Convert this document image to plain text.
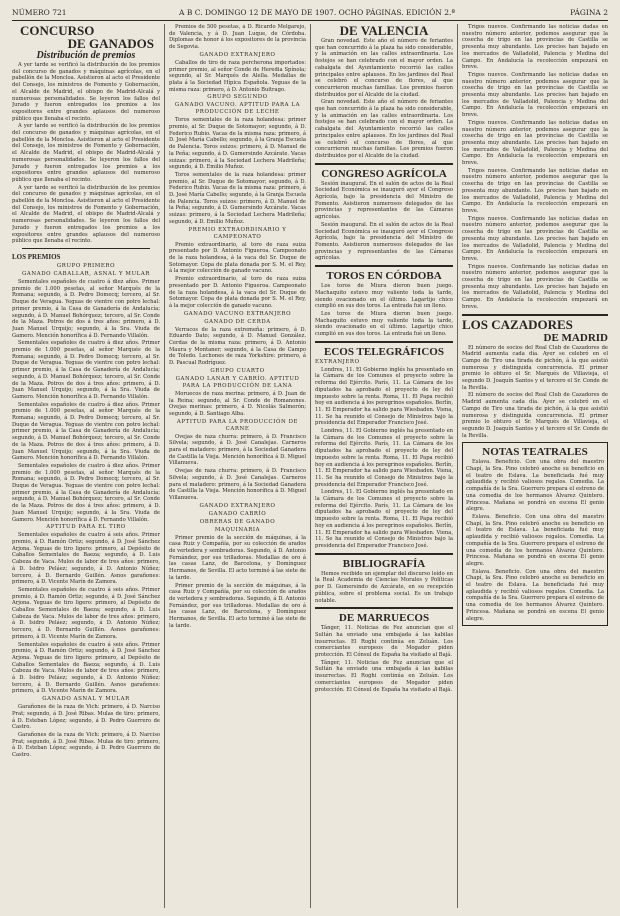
NÚMERO 721	A B C. DOMINGO 12 DE MAYO DE 1907. OCHO PÁGINAS. EDICIÓN 2.ª	PÁGINA 2
CONCURSO
DE GANADOS
Distribución de premios

A yer tarde se verificó la distribución de los premios del concurso de ganados y máquinas agrícolas, en el pabellón de la Moncloa. Asistieron al acto el Presidente del Consejo, los ministros de Fomento y Gobernación, el Alcalde de Madrid, el obispo de Madrid-Alcalá y numerosas personalidades. Se leyeron los fallos del Jurado y fueron entregados los premios a los expositores entre grandes aplausos del numeroso público que llenaba el recinto.

A yer tarde se verificó la distribución de los premios del concurso de ganados y máquinas agrícolas, en el pabellón de la Moncloa. Asistieron al acto el Presidente del Consejo, los ministros de Fomento y Gobernación, el Alcalde de Madrid, el obispo de Madrid-Alcalá y numerosas personalidades. Se leyeron los fallos del Jurado y fueron entregados los premios a los expositores entre grandes aplausos del numeroso público que llenaba el recinto.

A yer tarde se verificó la distribución de los premios del concurso de ganados y máquinas agrícolas, en el pabellón de la Moncloa. Asistieron al acto el Presidente del Consejo, los ministros de Fomento y Gobernación, el Alcalde de Madrid, el obispo de Madrid-Alcalá y numerosas personalidades. Se leyeron los fallos del Jurado y fueron entregados los premios a los expositores entre grandes aplausos del numeroso público que llenaba el recinto.

LOS PREMIOS
GRUPO PRIMERO
GANADO CABALLAR, ASNAL Y MULAR

Sementales españoles de cuatro á diez años. Primer premio de 1.000 pesetas, al señor Marqués de la Romana; segundo, á D. Pedro Domecq; tercero, al Sr. Duque de Veragua. Yeguas de vientre con potro lechal: primer premio, á la Casa de Ganadería de Andalucía; segundo, á D. Manuel Bohórquez; tercero, al Sr. Conde de la Maza. Potros de dos á tres años: primero, á D. Juan Manuel Urquijo; segundo, á la Sra. Viuda de Gamero. Mención honorífica á D. Fernando Villalón.

Sementales españoles de cuatro á diez años. Primer premio de 1.000 pesetas, al señor Marqués de la Romana; segundo, á D. Pedro Domecq; tercero, al Sr. Duque de Veragua. Yeguas de vientre con potro lechal: primer premio, á la Casa de Ganadería de Andalucía; segundo, á D. Manuel Bohórquez; tercero, al Sr. Conde de la Maza. Potros de dos á tres años: primero, á D. Juan Manuel Urquijo; segundo, á la Sra. Viuda de Gamero. Mención honorífica á D. Fernando Villalón.

Sementales españoles de cuatro á diez años. Primer premio de 1.000 pesetas, al señor Marqués de la Romana; segundo, á D. Pedro Domecq; tercero, al Sr. Duque de Veragua. Yeguas de vientre con potro lechal: primer premio, á la Casa de Ganadería de Andalucía; segundo, á D. Manuel Bohórquez; tercero, al Sr. Conde de la Maza. Potros de dos á tres años: primero, á D. Juan Manuel Urquijo; segundo, á la Sra. Viuda de Gamero. Mención honorífica á D. Fernando Villalón.

Sementales españoles de cuatro á diez años. Primer premio de 1.000 pesetas, al señor Marqués de la Romana; segundo, á D. Pedro Domecq; tercero, al Sr. Duque de Veragua. Yeguas de vientre con potro lechal: primer premio, á la Casa de Ganadería de Andalucía; segundo, á D. Manuel Bohórquez; tercero, al Sr. Conde de la Maza. Potros de dos á tres años: primero, á D. Juan Manuel Urquijo; segundo, á la Sra. Viuda de Gamero. Mención honorífica á D. Fernando Villalón.

APTITUD PARA EL TIRO

Sementales españoles de cuatro á seis años. Primer premio, á D. Ramón Ortiz; segundo, á D. José Sánchez Arjona. Yeguas de tiro ligero: primero, al Depósito de Caballos Sementales de Baeza; segundo, á D. Luis Cabeza de Vaca. Mulos de labor de tres años: primero, á D. Isidro Peláez; segundo, á D. Antonio Núñez; tercero, á D. Bernardo Guillén. Asnos garañones: primero, á D. Vicente Marín de Zamora.

Sementales españoles de cuatro á seis años. Primer premio, á D. Ramón Ortiz; segundo, á D. José Sánchez Arjona. Yeguas de tiro ligero: primero, al Depósito de Caballos Sementales de Baeza; segundo, á D. Luis Cabeza de Vaca. Mulos de labor de tres años: primero, á D. Isidro Peláez; segundo, á D. Antonio Núñez; tercero, á D. Bernardo Guillén. Asnos garañones: primero, á D. Vicente Marín de Zamora.

Sementales españoles de cuatro á seis años. Primer premio, á D. Ramón Ortiz; segundo, á D. José Sánchez Arjona. Yeguas de tiro ligero: primero, al Depósito de Caballos Sementales de Baeza; segundo, á D. Luis Cabeza de Vaca. Mulos de labor de tres años: primero, á D. Isidro Peláez; segundo, á D. Antonio Núñez; tercero, á D. Bernardo Guillén. Asnos garañones: primero, á D. Vicente Marín de Zamora.

GANADO ASNAL Y MULAR

Garañones de la raza de Vich: primero, á D. Narciso Prat; segundo, á D. José Ribas. Mulas de tiro: primero, á D. Esteban López; segundo, á D. Pedro Guerrero de Castro.

Garañones de la raza de Vich: primero, á D. Narciso Prat; segundo, á D. José Ribas. Mulas de tiro: primero, á D. Esteban López; segundo, á D. Pedro Guerrero de Castro.

Premios de 500 pesetas, á D. Ricardo Melgarejo, de Valencia, y á D. Juan Luque, de Córdoba. Diplomas de honor á los expositores de la provincia de Segovia.

GANADO EXTRANJERO

Caballos de tiro de raza percherona importados: primer premio, al señor Conde de Heredia Spínola; segundo, al Sr. Marqués de Alella. Medallas de plata á la Sociedad Hípica Española. Yeguas de la misma raza: primero, á D. Antonio Buitrago.

GRUPO SEGUNDO
GANADO VACUNO. APTITUD PARA LA PRODUCCIÓN DE LECHE

Toros sementales de la raza holandesa: primer premio, al Sr. Duque de Sotomayor; segundo, á D. Federico Rubio. Vacas de la misma raza: primero, á D. José María Cabello; segundo, á la Granja Escuela de Palencia. Toros suizos: primero, á D. Manuel de la Peña; segundo, á D. Gumersindo Azcárate. Vacas suizas: primero, á la Sociedad Lechera Madrileña; segundo, á D. Emilio Muñoz.

Toros sementales de la raza holandesa: primer premio, al Sr. Duque de Sotomayor; segundo, á D. Federico Rubio. Vacas de la misma raza: primero, á D. José María Cabello; segundo, á la Granja Escuela de Palencia. Toros suizos: primero, á D. Manuel de la Peña; segundo, á D. Gumersindo Azcárate. Vacas suizas: primero, á la Sociedad Lechera Madrileña; segundo, á D. Emilio Muñoz.

PREMIO EXTRAORDINARIO Y CAMPEONATO

Premio extraordinario, al toro de raza suiza presentado por D. Antonio Figueroa. Campeonato de la raza holandesa, á la vaca del Sr. Duque de Sotomayor. Copa de plata donada por S. M. el Rey, á la mejor colección de ganado vacuno.

Premio extraordinario, al toro de raza suiza presentado por D. Antonio Figueroa. Campeonato de la raza holandesa, á la vaca del Sr. Duque de Sotomayor. Copa de plata donada por S. M. el Rey, á la mejor colección de ganado vacuno.

GANADO VACUNO EXTRANJERO
GANADO DE CERDA

Verracos de la raza extremeña: primero, á D. Eduardo Dato; segundo, á D. Manuel González. Cerdas de la misma raza: primero, á D. Antonio Maura y Montaner; segundo, á la Casa de Campo de Toledo. Lechones de raza Yorkshire: primero, á D. Pascual Rodríguez.

GRUPO CUARTO
GANADO LANAR Y CABRÍO. APTITUD PARA LA PRODUCCIÓN DE LANA

Moruecos de raza merina: primero, á D. Juan de la Reina; segundo, al Sr. Conde de Romanones. Ovejas merinas: primero, á D. Nicolás Salmerón; segundo, á D. Santiago Alba.

APTITUD PARA LA PRODUCCIÓN DE CARNE

Ovejas de raza churra: primero, á D. Francisco Silvela; segundo, á D. José Canalejas. Carneros para el matadero: primero, á la Sociedad Ganadera de Castilla la Vieja. Mención honorífica á D. Miguel Villanueva.

Ovejas de raza churra: primero, á D. Francisco Silvela; segundo, á D. José Canalejas. Carneros para el matadero: primero, á la Sociedad Ganadera de Castilla la Vieja. Mención honorífica á D. Miguel Villanueva.

GANADO EXTRANJERO
GANADO CABRÍO
OBRERAS DE GANADO
MAQUINARIA

Primer premio de la sección de máquinas, á la casa Ruiz y Compañía, por su colección de arados de vertedera y sembradoras. Segundo, á D. Antonio Fernández, por sus trilladoras. Medallas de oro á las casas Lanz, de Barcelona, y Domínguez Hermanos, de Sevilla. El acto terminó á las siete de la tarde.

Primer premio de la sección de máquinas, á la casa Ruiz y Compañía, por su colección de arados de vertedera y sembradoras. Segundo, á D. Antonio Fernández, por sus trilladoras. Medallas de oro á las casas Lanz, de Barcelona, y Domínguez Hermanos, de Sevilla. El acto terminó á las siete de la tarde.

DE VALENCIA

Gran novedad. Este año el número de feriantes que han concurrido á la plaza ha sido considerable, y la animación en las calles extraordinaria. Los festejos se han celebrado con el mayor orden. La cabalgata del Ayuntamiento recorrió las calles principales entre aplausos. En los jardines del Real se celebró el concurso de flores, al que concurrieron muchas familias. Los premios fueron distribuidos por el Alcalde de la ciudad.

Gran novedad. Este año el número de feriantes que han concurrido á la plaza ha sido considerable, y la animación en las calles extraordinaria. Los festejos se han celebrado con el mayor orden. La cabalgata del Ayuntamiento recorrió las calles principales entre aplausos. En los jardines del Real se celebró el concurso de flores, al que concurrieron muchas familias. Los premios fueron distribuidos por el Alcalde de la ciudad.

CONGRESO AGRÍCOLA

Sesión inaugural. En el salón de actos de la Real Sociedad Económica se inauguró ayer el Congreso Agrícola, bajo la presidencia del Ministro de Fomento. Asistieron numerosos delegados de las provincias y representantes de las Cámaras agrícolas.

Sesión inaugural. En el salón de actos de la Real Sociedad Económica se inauguró ayer el Congreso Agrícola, bajo la presidencia del Ministro de Fomento. Asistieron numerosos delegados de las provincias y representantes de las Cámaras agrícolas.

TOROS EN CÓRDOBA

Los toros de Miura dieron buen juego. Machaquito estuvo muy valiente toda la tarde, siendo ovacionado en el último. Lagartijo chico cumplió en sus dos toros. La entrada fué un lleno.

Los toros de Miura dieron buen juego. Machaquito estuvo muy valiente toda la tarde, siendo ovacionado en el último. Lagartijo chico cumplió en sus dos toros. La entrada fué un lleno.

ECOS TELEGRÁFICOS
EXTRANJERO

Londres, 11. El Gobierno inglés ha presentado en la Cámara de los Comunes el proyecto sobre la reforma del Ejército. París, 11. La Cámara de los diputados ha aprobado el proyecto de ley del impuesto sobre la renta. Roma, 11. El Papa recibió hoy en audiencia á los peregrinos españoles. Berlín, 11. El Emperador ha salido para Wiesbaden. Viena, 11. Se ha reunido el Consejo de Ministros bajo la presidencia del Emperador Francisco José.

Londres, 11. El Gobierno inglés ha presentado en la Cámara de los Comunes el proyecto sobre la reforma del Ejército. París, 11. La Cámara de los diputados ha aprobado el proyecto de ley del impuesto sobre la renta. Roma, 11. El Papa recibió hoy en audiencia á los peregrinos españoles. Berlín, 11. El Emperador ha salido para Wiesbaden. Viena, 11. Se ha reunido el Consejo de Ministros bajo la presidencia del Emperador Francisco José.

Londres, 11. El Gobierno inglés ha presentado en la Cámara de los Comunes el proyecto sobre la reforma del Ejército. París, 11. La Cámara de los diputados ha aprobado el proyecto de ley del impuesto sobre la renta. Roma, 11. El Papa recibió hoy en audiencia á los peregrinos españoles. Berlín, 11. El Emperador ha salido para Wiesbaden. Viena, 11. Se ha reunido el Consejo de Ministros bajo la presidencia del Emperador Francisco José.

BIBLIOGRAFÍA

Hemos recibido un ejemplar del discurso leído en la Real Academia de Ciencias Morales y Políticas por D. Gumersindo de Azcárate, en su recepción pública, sobre el problema social. Es un trabajo notable.

DE MARRUECOS

Tánger, 11. Noticias de Fez anuncian que el Sultán ha enviado una embajada á las kabilas insurrectas. El Roghi continúa en Zeluán. Los comerciantes europeos de Mogador piden protección. El Cónsul de España ha visitado al Bajá.

Tánger, 11. Noticias de Fez anuncian que el Sultán ha enviado una embajada á las kabilas insurrectas. El Roghi continúa en Zeluán. Los comerciantes europeos de Mogador piden protección. El Cónsul de España ha visitado al Bajá.

Trigos nuevos. Confirmando las noticias dadas en nuestro número anterior, podemos asegurar que la cosecha de trigo en las provincias de Castilla se presenta muy abundante. Los precios han bajado en los mercados de Valladolid, Palencia y Medina del Campo. En Andalucía la recolección empezará en breve.

Trigos nuevos. Confirmando las noticias dadas en nuestro número anterior, podemos asegurar que la cosecha de trigo en las provincias de Castilla se presenta muy abundante. Los precios han bajado en los mercados de Valladolid, Palencia y Medina del Campo. En Andalucía la recolección empezará en breve.

Trigos nuevos. Confirmando las noticias dadas en nuestro número anterior, podemos asegurar que la cosecha de trigo en las provincias de Castilla se presenta muy abundante. Los precios han bajado en los mercados de Valladolid, Palencia y Medina del Campo. En Andalucía la recolección empezará en breve.

Trigos nuevos. Confirmando las noticias dadas en nuestro número anterior, podemos asegurar que la cosecha de trigo en las provincias de Castilla se presenta muy abundante. Los precios han bajado en los mercados de Valladolid, Palencia y Medina del Campo. En Andalucía la recolección empezará en breve.

Trigos nuevos. Confirmando las noticias dadas en nuestro número anterior, podemos asegurar que la cosecha de trigo en las provincias de Castilla se presenta muy abundante. Los precios han bajado en los mercados de Valladolid, Palencia y Medina del Campo. En Andalucía la recolección empezará en breve.

Trigos nuevos. Confirmando las noticias dadas en nuestro número anterior, podemos asegurar que la cosecha de trigo en las provincias de Castilla se presenta muy abundante. Los precios han bajado en los mercados de Valladolid, Palencia y Medina del Campo. En Andalucía la recolección empezará en breve.

LOS CAZADORES
DE MADRID

El número de socios del Real Club de Cazadores de Madrid aumenta cada día. Ayer se celebró en el Campo de Tiro una tirada de pichón, á la que asistió numerosa y distinguida concurrencia. El primer premio lo obtuvo el Sr. Marqués de Villavieja, el segundo D. Joaquín Santos y el tercero el Sr. Conde de la Revilla.

El número de socios del Real Club de Cazadores de Madrid aumenta cada día. Ayer se celebró en el Campo de Tiro una tirada de pichón, á la que asistió numerosa y distinguida concurrencia. El primer premio lo obtuvo el Sr. Marqués de Villavieja, el segundo D. Joaquín Santos y el tercero el Sr. Conde de la Revilla.

NOTAS TEATRALES

Eslava. Beneficio. Con una obra del maestro Chapí, la Sra. Pino celebró anoche su beneficio en el teatro de Eslava. La beneficiada fué muy aplaudida y recibió valiosos regalos. Comedia. La compañía de la Sra. Guerrero prepara el estreno de una comedia de los hermanos Álvarez Quintero. Princesa. Mañana se pondrá en escena El genio alegre.

Eslava. Beneficio. Con una obra del maestro Chapí, la Sra. Pino celebró anoche su beneficio en el teatro de Eslava. La beneficiada fué muy aplaudida y recibió valiosos regalos. Comedia. La compañía de la Sra. Guerrero prepara el estreno de una comedia de los hermanos Álvarez Quintero. Princesa. Mañana se pondrá en escena El genio alegre.

Eslava. Beneficio. Con una obra del maestro Chapí, la Sra. Pino celebró anoche su beneficio en el teatro de Eslava. La beneficiada fué muy aplaudida y recibió valiosos regalos. Comedia. La compañía de la Sra. Guerrero prepara el estreno de una comedia de los hermanos Álvarez Quintero. Princesa. Mañana se pondrá en escena El genio alegre.
